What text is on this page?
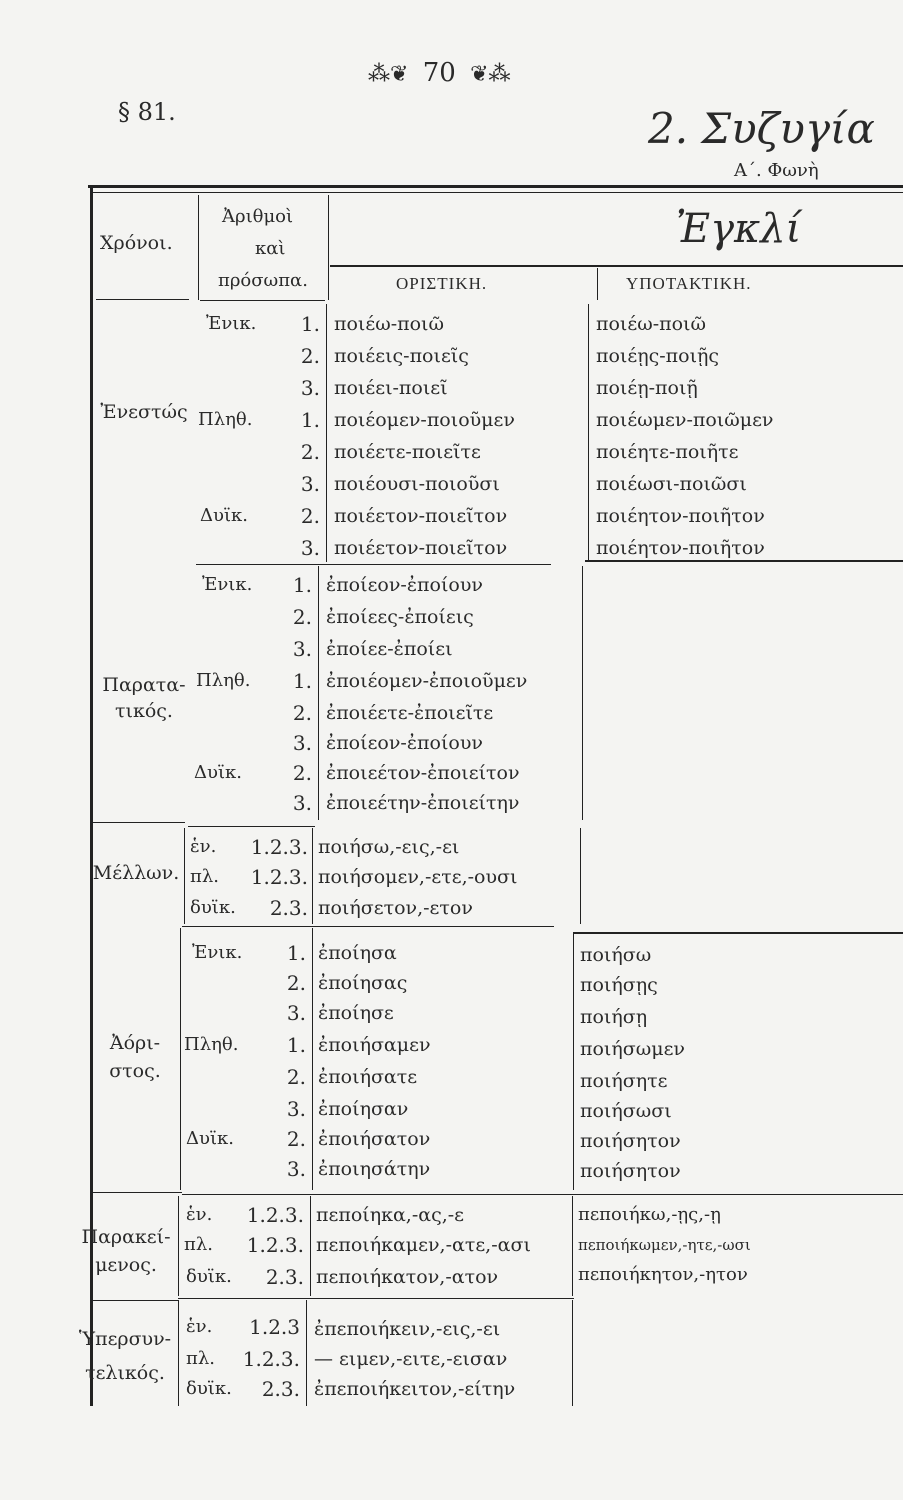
⁂❦ 70 ❦⁂
§ 81.	2. Συζυγία
Α΄. Φωνὴ
Χρόνοι.
Ἀριθμοὶ
καὶ
πρόσωπα.
Ἐγκλί
ΟΡΙΣΤΙΚΗ.	ΥΠΟΤΑΚΤΙΚΗ.
Ἐνεστώς
Ἐνικ.
Πληθ.
Δυϊκ.
1.
2.
3.
1.
2.
3.
2.
3.
ποιέω-ποιῶ
ποιέεις-ποιεῖς
ποιέει-ποιεῖ
ποιέομεν-ποιοῦμεν
ποιέετε-ποιεῖτε
ποιέουσι-ποιοῦσι
ποιέετον-ποιεῖτον
ποιέετον-ποιεῖτον
ποιέω-ποιῶ
ποιέῃς-ποιῇς
ποιέῃ-ποιῇ
ποιέωμεν-ποιῶμεν
ποιέητε-ποιῆτε
ποιέωσι-ποιῶσι
ποιέητον-ποιῆτον
ποιέητον-ποιῆτον
Παρατα-
τικός.
Ἐνικ.
Πληθ.
Δυϊκ.
1.
2.
3.
1.
2.
3.
2.
3.
ἐποίεον-ἐποίουν
ἐποίεες-ἐποίεις
ἐποίεε-ἐποίει
ἐποιέομεν-ἐποιοῦμεν
ἐποιέετε-ἐποιεῖτε
ἐποίεον-ἐποίουν
ἐποιεέτον-ἐποιείτον
ἐποιεέτην-ἐποιείτην
Μέλλων.
ἑν.
πλ.
δυϊκ.
1.2.3.
1.2.3.
2.3.
ποιήσω,-εις,-ει
ποιήσομεν,-ετε,-ουσι
ποιήσετον,-ετον
Ἀόρι-
στος.
Ἐνικ.
Πληθ.
Δυϊκ.
1.
2.
3.
1.
2.
3.
2.
3.
ἐποίησα
ἐποίησας
ἐποίησε
ἐποιήσαμεν
ἐποιήσατε
ἐποίησαν
ἐποιήσατον
ἐποιησάτην
ποιήσω
ποιήσῃς
ποιήσῃ
ποιήσωμεν
ποιήσητε
ποιήσωσι
ποιήσητον
ποιήσητον
Παρακεί-
μενος.
ἑν.
πλ.
δυϊκ.
1.2.3.
1.2.3.
2.3.
πεποίηκα,-ας,-ε
πεποιήκαμεν,-ατε,-ασι
πεποιήκατον,-ατον
πεποιήκω,-ῃς,-ῃ
πεποιήκωμεν,-ητε,-ωσι
πεποιήκητον,-ητον
Ὑπερσυν-
τελικός.
ἑν.
πλ.
δυϊκ.
1.2.3
1.2.3.
2.3.
ἐπεποιήκειν,-εις,-ει
— ειμεν,-ειτε,-εισαν
ἐπεποιήκειτον,-είτην
